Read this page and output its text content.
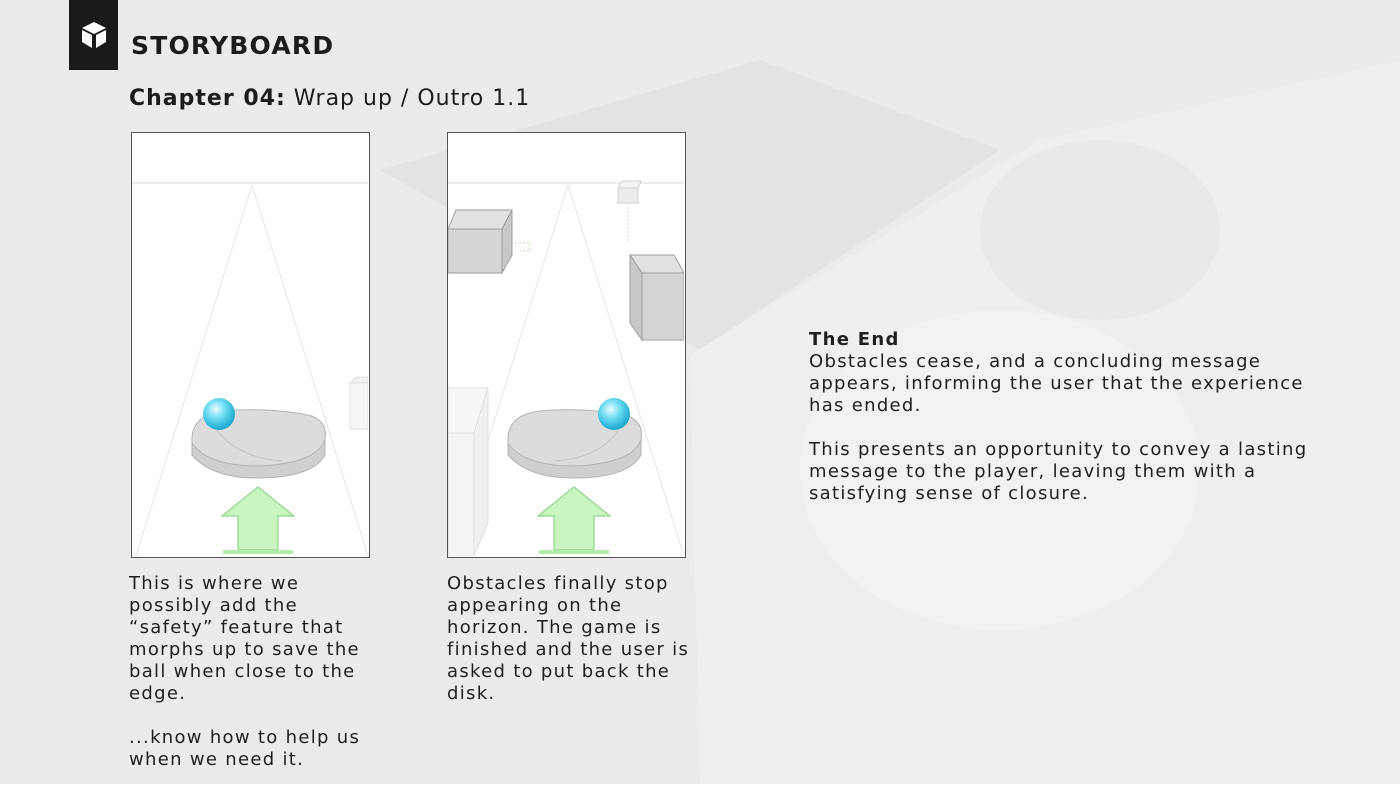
STORYBOARD
Chapter 04: Wrap up / Outro 1.1

This is where we possibly add the “safety” feature that morphs up to save the ball when close to the edge.

...know how to help us when we need it.

Obstacles finally stop appearing on the horizon. The game is finished and the user is asked to put back the disk.

The End

Obstacles cease, and a concluding message appears, informing the user that the experience has ended.

This presents an opportunity to convey a lasting message to the player, leaving them with a satisfying sense of closure.
